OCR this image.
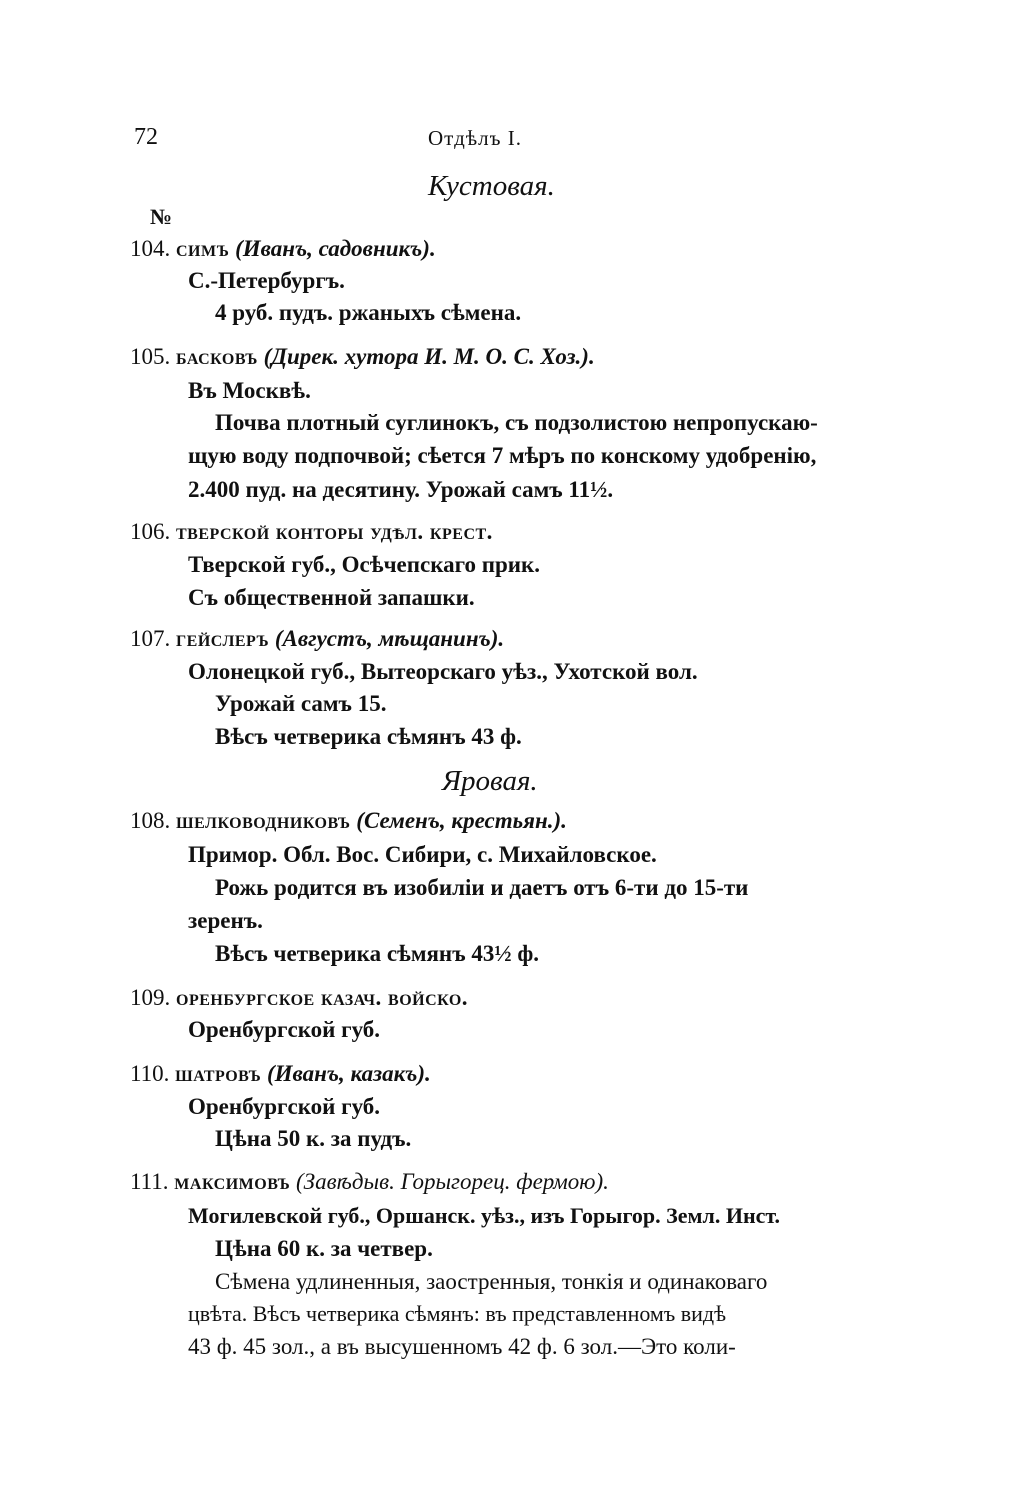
72	Отдѣлъ I.
Кустовая.
№
104. симъ (Иванъ, садовникъ).
С.-Петербургъ.
4 руб. пудъ. ржаныхъ сѣмена.
105. басковъ (Дирек. хутора И. М. О. С. Хоз.).
Въ Москвѣ.
Почва плотный суглинокъ, съ подзолистою непропускаю-
щую воду подпочвой; сѣется 7 мѣръ по конскому удобренію,
2.400 пуд. на десятину. Урожай самъ 11½.
106. тверской конторы удѣл. крест.
Тверской губ., Осѣчепскаго прик.
Съ общественной запашки.
107. гейслеръ (Августъ, мѣщанинъ).
Олонецкой губ., Вытеорскаго уѣз., Ухотской вол.
Урожай самъ 15.
Вѣсъ четверика сѣмянъ 43 ф.
Яровая.
108. шелководниковъ (Семенъ, крестьян.).
Примор. Обл. Вос. Сибири, с. Михайловское.
Рожь родится въ изобиліи и даетъ отъ 6-ти до 15-ти
зеренъ.
Вѣсъ четверика сѣмянъ 43½ ф.
109. оренбургское казач. войско.
Оренбургской губ.
110. шатровъ (Иванъ, казакъ).
Оренбургской губ.
Цѣна 50 к. за пудъ.
111. максимовъ (Завѣдыв. Горыгорец. фермою).
Могилевской губ., Оршанск. уѣз., изъ Горыгор. Земл. Инст.
Цѣна 60 к. за четвер.
Сѣмена удлиненныя, заостренныя, тонкія и одинаковаго
цвѣта. Вѣсъ четверика сѣмянъ: въ представленномъ видѣ
43 ф. 45 зол., а въ высушенномъ 42 ф. 6 зол.—Это коли-
